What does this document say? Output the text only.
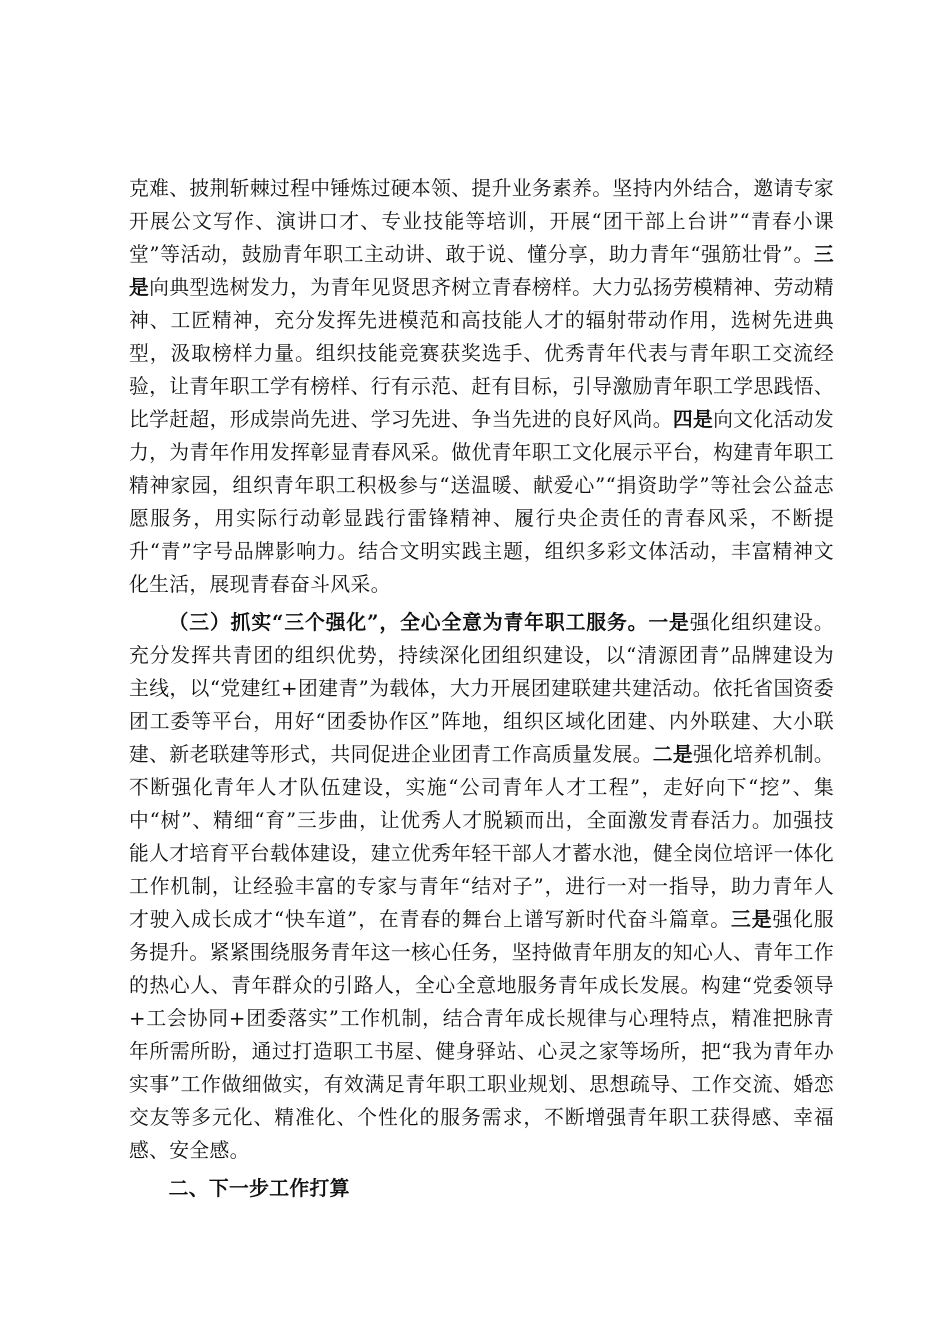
克难、披荆斩棘过程中锤炼过硬本领、提升业务素养。坚持内外结合，邀请专家开展公文写作、演讲口才、专业技能等培训，开展“团干部上台讲”“青春小课堂”等活动，鼓励青年职工主动讲、敢于说、懂分享，助力青年“强筋壮骨”。三是向典型选树发力，为青年见贤思齐树立青春榜样。大力弘扬劳模精神、劳动精神、工匠精神，充分发挥先进模范和高技能人才的辐射带动作用，选树先进典型，汲取榜样力量。组织技能竞赛获奖选手、优秀青年代表与青年职工交流经验，让青年职工学有榜样、行有示范、赶有目标，引导激励青年职工学思践悟、比学赶超，形成崇尚先进、学习先进、争当先进的良好风尚。四是向文化活动发力，为青年作用发挥彰显青春风采。做优青年职工文化展示平台，构建青年职工精神家园，组织青年职工积极参与“送温暖、献爱心”“捐资助学”等社会公益志愿服务，用实际行动彰显践行雷锋精神、履行央企责任的青春风采，不断提升“青”字号品牌影响力。结合文明实践主题，组织多彩文体活动，丰富精神文化生活，展现青春奋斗风采。

（三）抓实“三个强化”，全心全意为青年职工服务。一是强化组织建设。充分发挥共青团的组织优势，持续深化团组织建设，以“清源团青”品牌建设为主线，以“党建红+团建青”为载体，大力开展团建联建共建活动。依托省国资委团工委等平台，用好“团委协作区”阵地，组织区域化团建、内外联建、大小联建、新老联建等形式，共同促进企业团青工作高质量发展。二是强化培养机制。不断强化青年人才队伍建设，实施“公司青年人才工程”，走好向下“挖”、集中“树”、精细“育”三步曲，让优秀人才脱颖而出，全面激发青春活力。加强技能人才培育平台载体建设，建立优秀年轻干部人才蓄水池，健全岗位培评一体化工作机制，让经验丰富的专家与青年“结对子”，进行一对一指导，助力青年人才驶入成长成才“快车道”，在青春的舞台上谱写新时代奋斗篇章。三是强化服务提升。紧紧围绕服务青年这一核心任务，坚持做青年朋友的知心人、青年工作的热心人、青年群众的引路人，全心全意地服务青年成长发展。构建“党委领导+工会协同+团委落实”工作机制，结合青年成长规律与心理特点，精准把脉青年所需所盼，通过打造职工书屋、健身驿站、心灵之家等场所，把“我为青年办实事”工作做细做实，有效满足青年职工职业规划、思想疏导、工作交流、婚恋交友等多元化、精准化、个性化的服务需求，不断增强青年职工获得感、幸福感、安全感。

二、下一步工作打算
